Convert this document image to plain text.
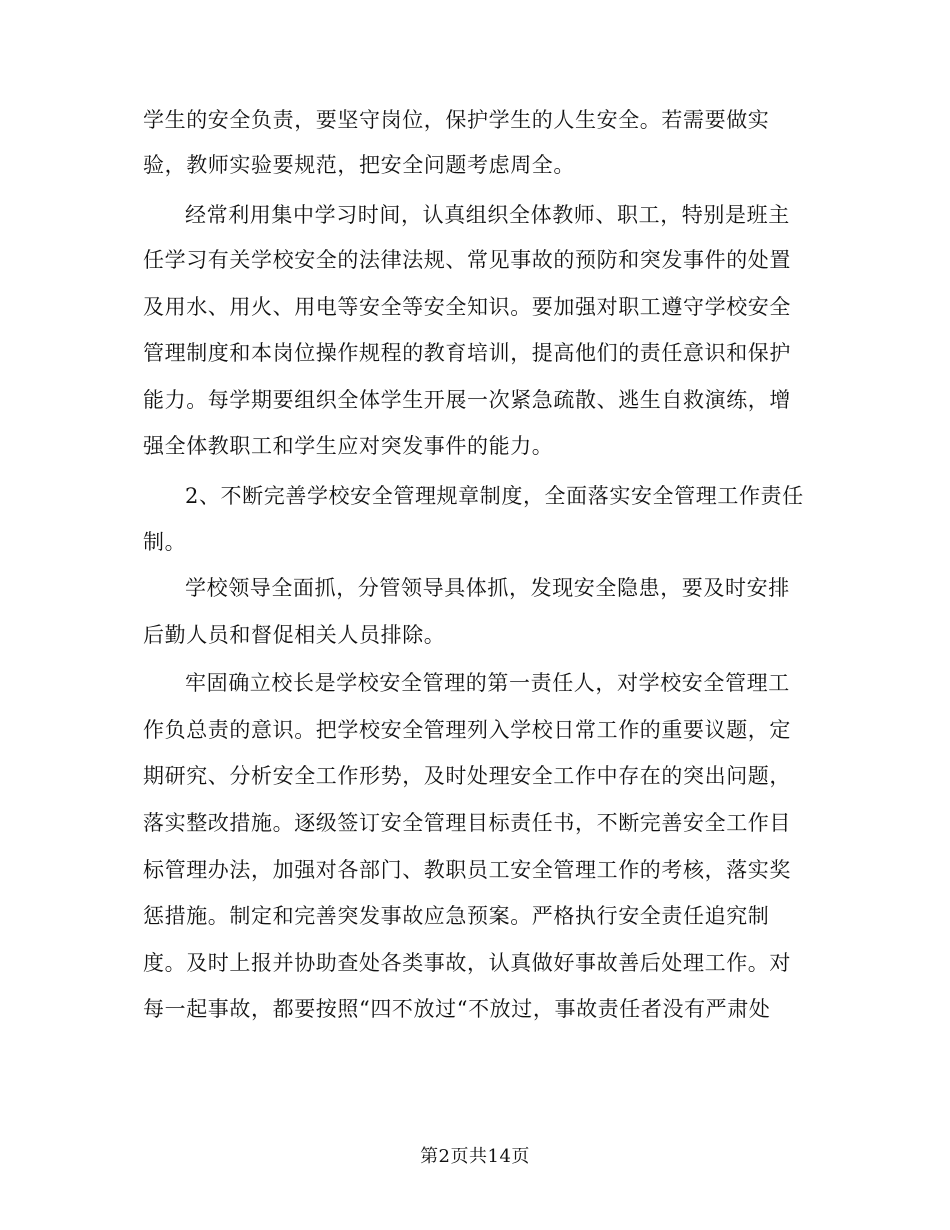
学生的安全负责，要坚守岗位，保护学生的人生安全。若需要做实
验，教师实验要规范，把安全问题考虑周全。
经常利用集中学习时间，认真组织全体教师、职工，特别是班主
任学习有关学校安全的法律法规、常见事故的预防和突发事件的处置
及用水、用火、用电等安全等安全知识。要加强对职工遵守学校安全
管理制度和本岗位操作规程的教育培训，提高他们的责任意识和保护
能力。每学期要组织全体学生开展一次紧急疏散、逃生自救演练，增
强全体教职工和学生应对突发事件的能力。
2、不断完善学校安全管理规章制度，全面落实安全管理工作责任
制。
学校领导全面抓，分管领导具体抓，发现安全隐患，要及时安排
后勤人员和督促相关人员排除。
牢固确立校长是学校安全管理的第一责任人，对学校安全管理工
作负总责的意识。把学校安全管理列入学校日常工作的重要议题，定
期研究、分析安全工作形势，及时处理安全工作中存在的突出问题，
落实整改措施。逐级签订安全管理目标责任书，不断完善安全工作目
标管理办法，加强对各部门、教职员工安全管理工作的考核，落实奖
惩措施。制定和完善突发事故应急预案。严格执行安全责任追究制
度。及时上报并协助查处各类事故，认真做好事故善后处理工作。对
每一起事故，都要按照“四不放过“不放过，事故责任者没有严肃处
第2页共14页
